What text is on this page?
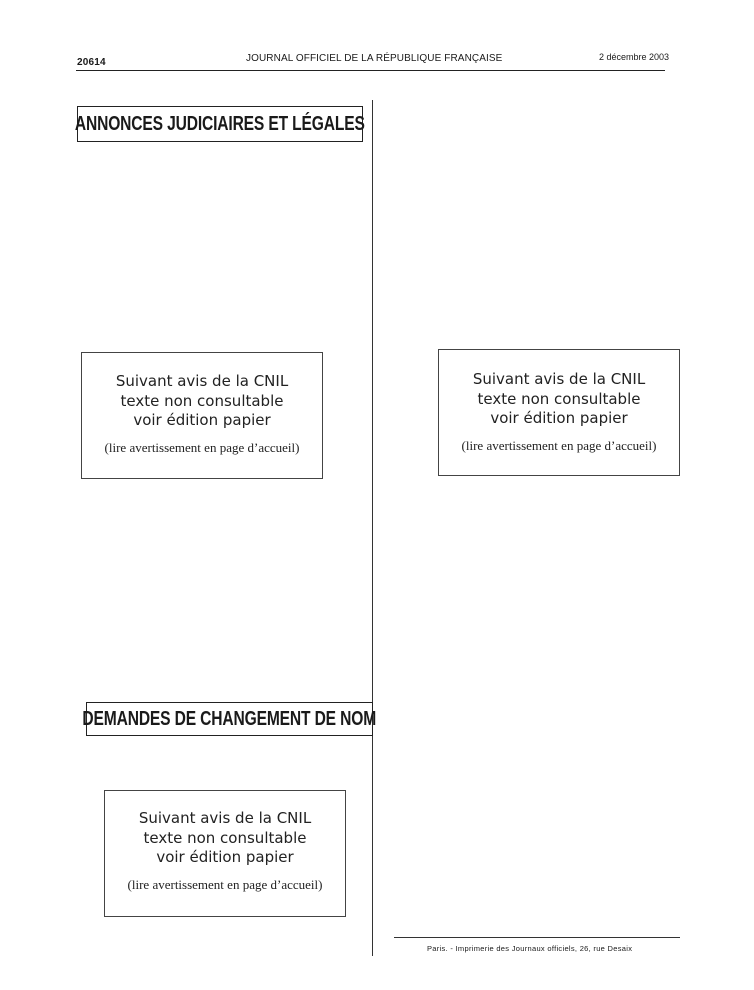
20614	JOURNAL OFFICIEL DE LA RÉPUBLIQUE FRANÇAISE	2 décembre 2003
ANNONCES JUDICIAIRES ET LÉGALES
Suivant avis de la CNIL
texte non consultable
voir édition papier
(lire avertissement en page d’accueil)
Suivant avis de la CNIL
texte non consultable
voir édition papier
(lire avertissement en page d’accueil)
DEMANDES DE CHANGEMENT DE NOM
Suivant avis de la CNIL
texte non consultable
voir édition papier
(lire avertissement en page d’accueil)
Paris. - Imprimerie des Journaux officiels, 26, rue Desaix
